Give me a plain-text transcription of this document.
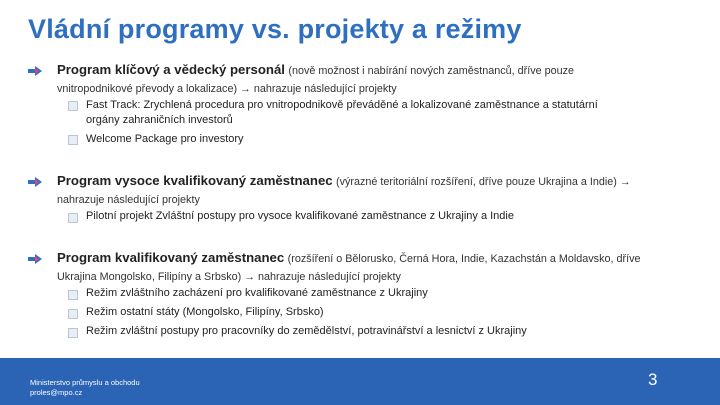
Vládní programy vs. projekty a režimy
Program klíčový a vědecký personál (nově možnost i nabírání nových zaměstnanců, dříve pouze
vnitropodnikové převody a lokalizace) → nahrazuje následující projekty
Fast Track: Zrychlená procedura pro vnitropodnikově převáděné a lokalizované zaměstnance a statutární
orgány zahraničních investorů
Welcome Package pro investory
Program vysoce kvalifikovaný zaměstnanec (výrazné teritoriální rozšíření, dříve pouze Ukrajina a Indie) →
nahrazuje následující projekty
Pilotní projekt Zvláštní postupy pro vysoce kvalifikované zaměstnance z Ukrajiny a Indie
Program kvalifikovaný zaměstnanec (rozšíření o Bělorusko, Černá Hora, Indie, Kazachstán a Moldavsko, dříve
Ukrajina Mongolsko, Filipíny a Srbsko) → nahrazuje následující projekty
Režim zvláštního zacházení pro kvalifikované zaměstnance z Ukrajiny
Režim ostatní státy (Mongolsko, Filipíny, Srbsko)
Režim zvláštní postupy pro pracovníky do zemědělství, potravinářství a lesnictví z Ukrajiny
Ministerstvo průmyslu a obchodu
proles@mpo.cz
3
